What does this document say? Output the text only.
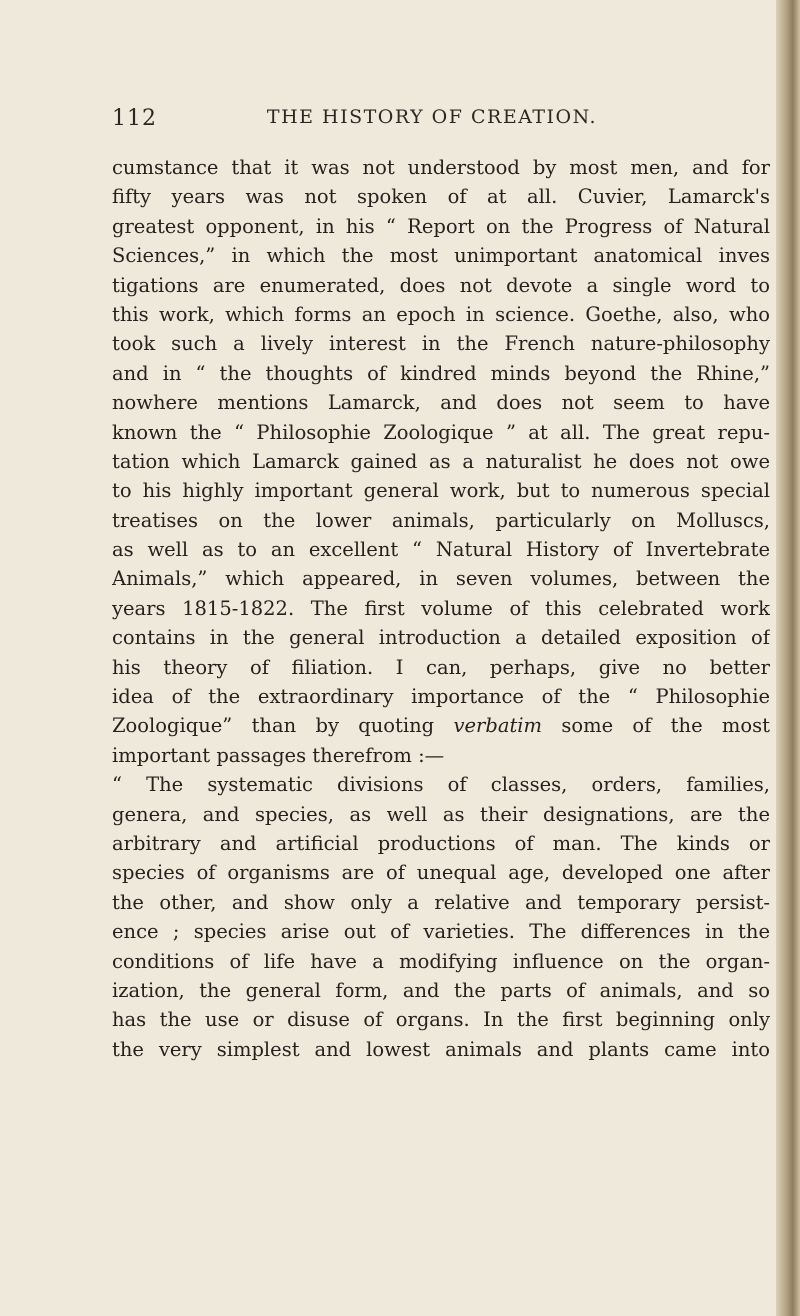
112	THE HISTORY OF CREATION.
cumstance that it was not understood by most men, and for
fifty years was not spoken of at all. Cuvier, Lamarck's
greatest opponent, in his “ Report on the Progress of Natural
Sciences,” in which the most unimportant anatomical inves
tigations are enumerated, does not devote a single word to
this work, which forms an epoch in science. Goethe, also, who
took such a lively interest in the French nature-philosophy
and in “ the thoughts of kindred minds beyond the Rhine,”
nowhere mentions Lamarck, and does not seem to have
known the “ Philosophie Zoologique ” at all. The great repu-
tation which Lamarck gained as a naturalist he does not owe
to his highly important general work, but to numerous special
treatises on the lower animals, particularly on Molluscs,
as well as to an excellent “ Natural History of Invertebrate
Animals,” which appeared, in seven volumes, between the
years 1815-1822. The first volume of this celebrated work
contains in the general introduction a detailed exposition of
his theory of filiation. I can, perhaps, give no better
idea of the extraordinary importance of the “ Philosophie
Zoologique” than by quoting verbatim some of the most
important passages therefrom :—
“ The systematic divisions of classes, orders, families,
genera, and species, as well as their designations, are the
arbitrary and artificial productions of man. The kinds or
species of organisms are of unequal age, developed one after
the other, and show only a relative and temporary persist-
ence ; species arise out of varieties. The differences in the
conditions of life have a modifying influence on the organ-
ization, the general form, and the parts of animals, and so
has the use or disuse of organs. In the first beginning only
the very simplest and lowest animals and plants came into
